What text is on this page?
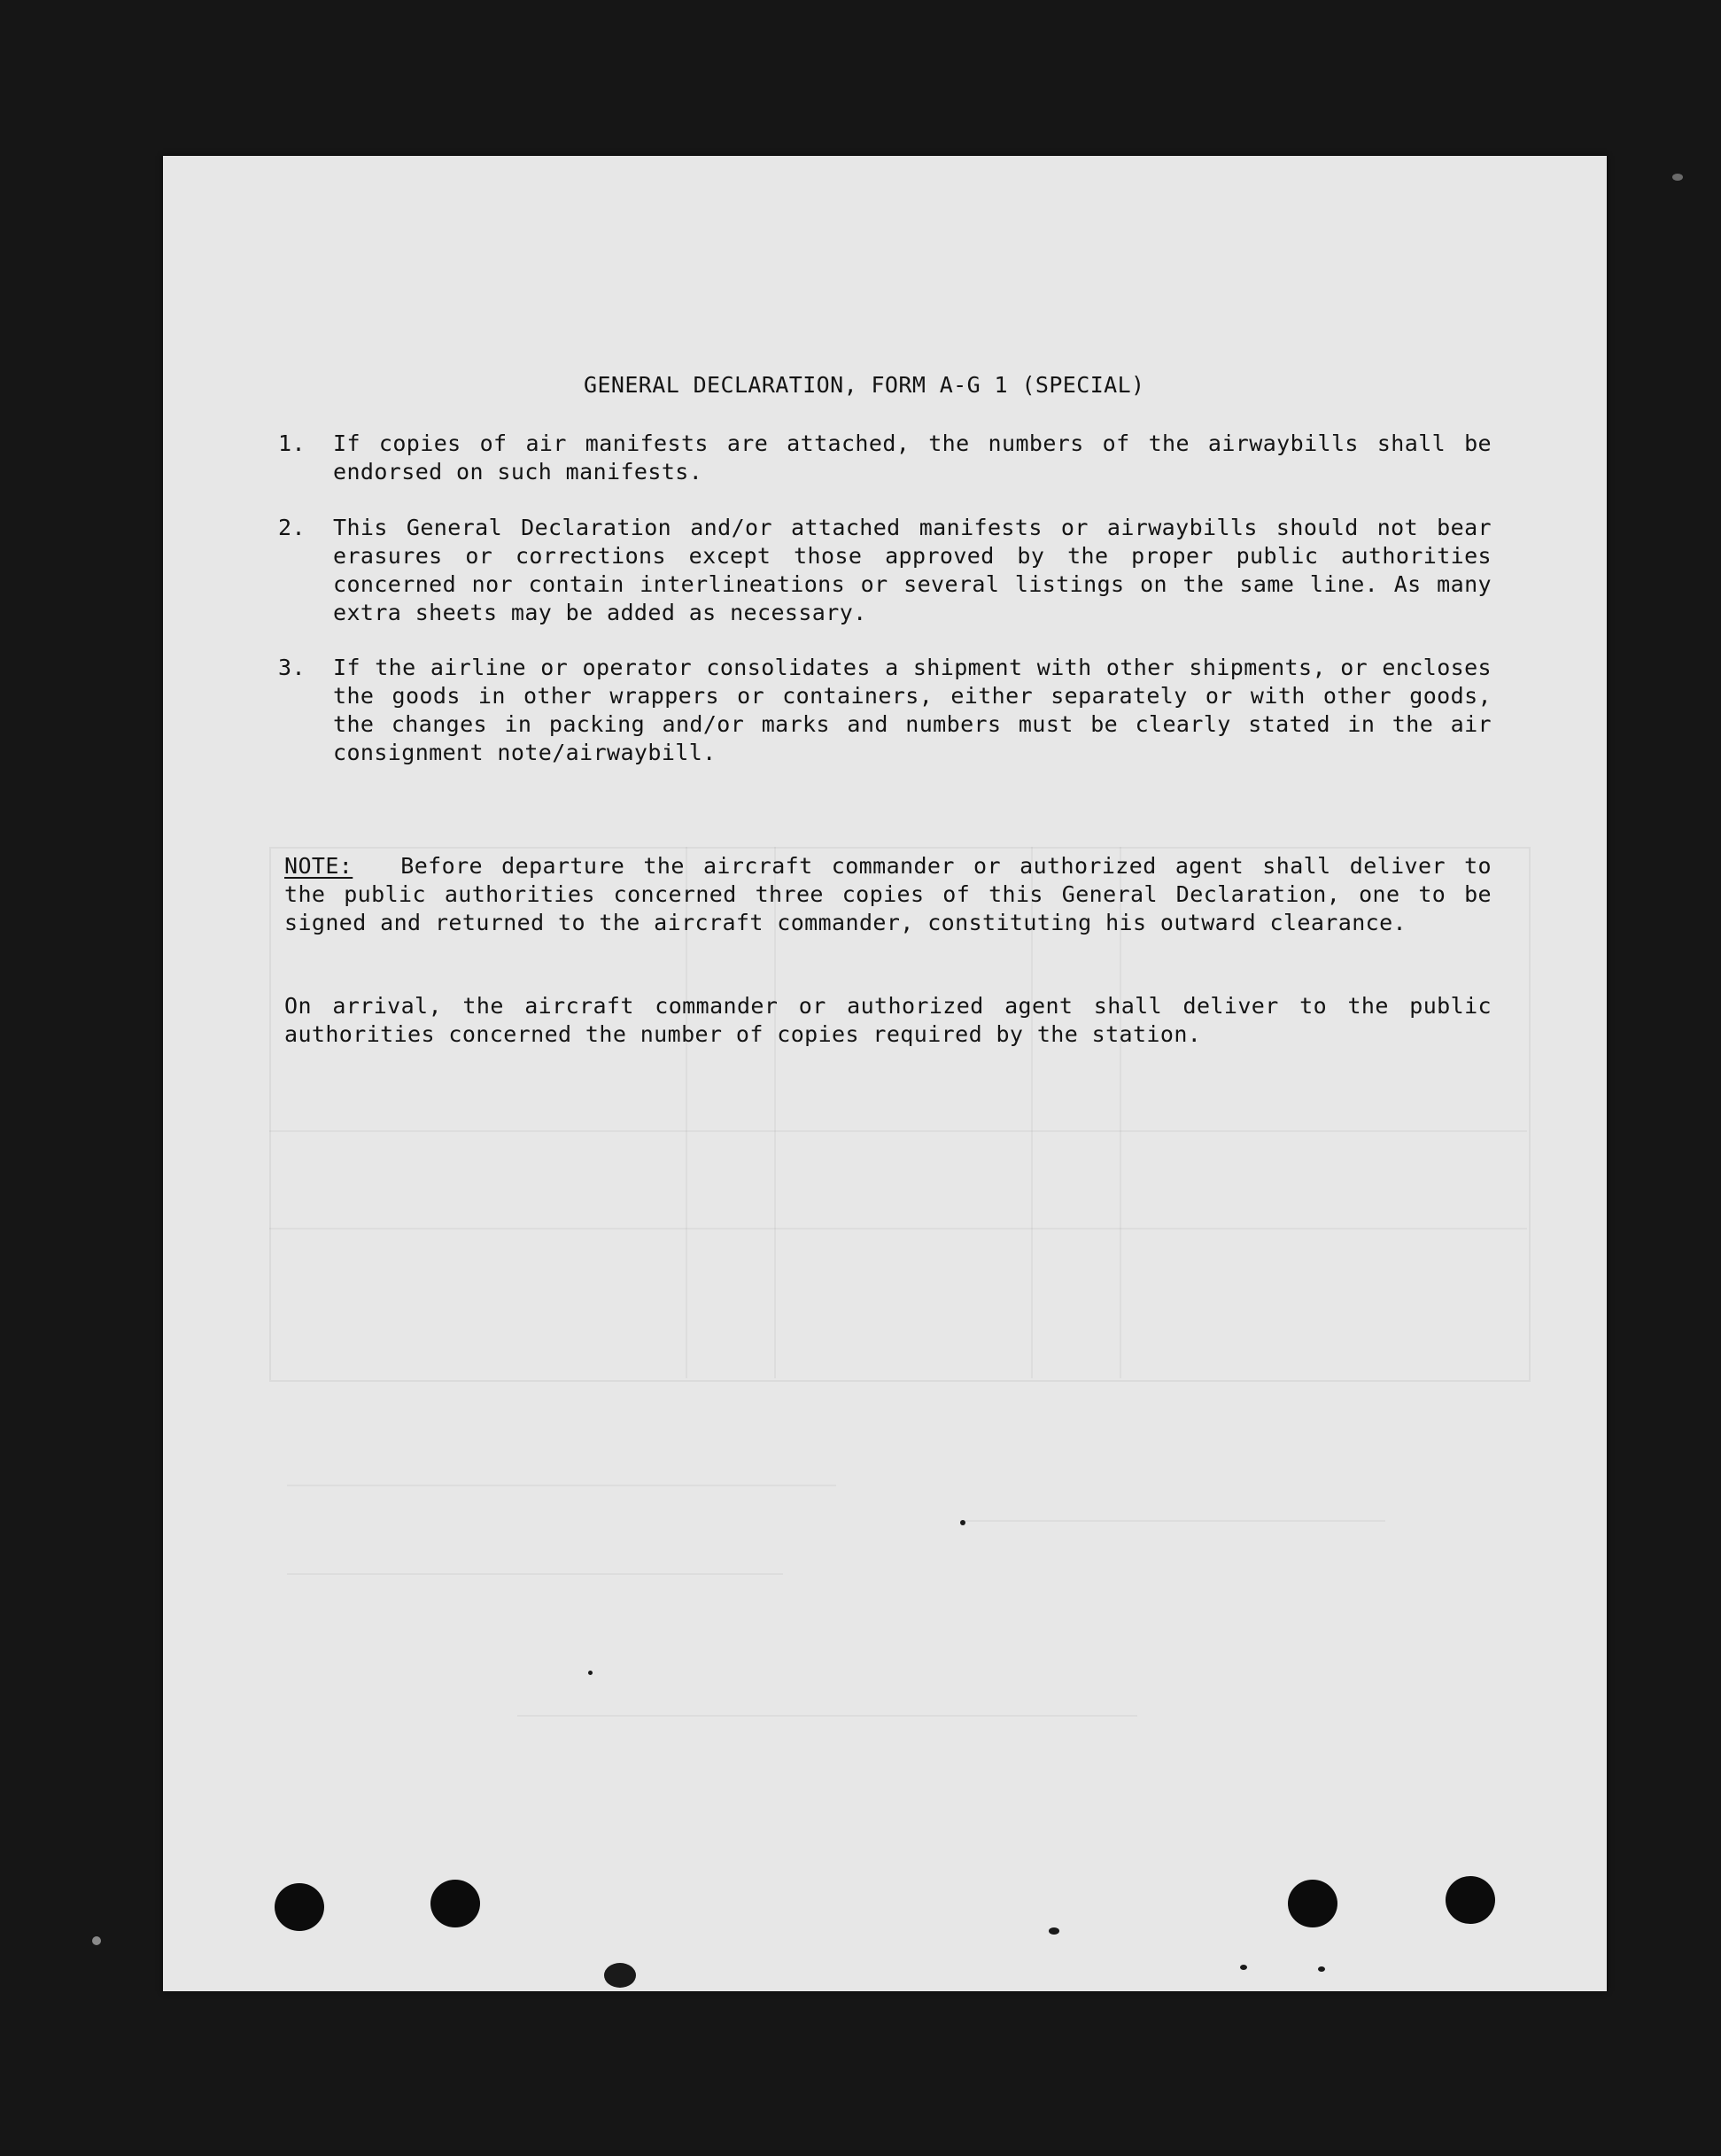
GENERAL DECLARATION, FORM A-G 1 (SPECIAL)
1. If copies of air manifests are attached, the numbers of the airwaybills shall be endorsed on such manifests.
2. This General Declaration and/or attached manifests or airwaybills should not bear erasures or corrections except those approved by the proper public authorities concerned nor contain interlineations or several listings on the same line. As many extra sheets may be added as necessary.
3. If the airline or operator consolidates a shipment with other shipments, or encloses the goods in other wrappers or containers, either separately or with other goods, the changes in packing and/or marks and numbers must be clearly stated in the air consignment note/airwaybill.
NOTE: Before departure the aircraft commander or authorized agent shall deliver to the public authorities concerned three copies of this General Declaration, one to be signed and returned to the aircraft commander, constituting his outward clearance.
On arrival, the aircraft commander or authorized agent shall deliver to the public authorities concerned the number of copies required by the station.
